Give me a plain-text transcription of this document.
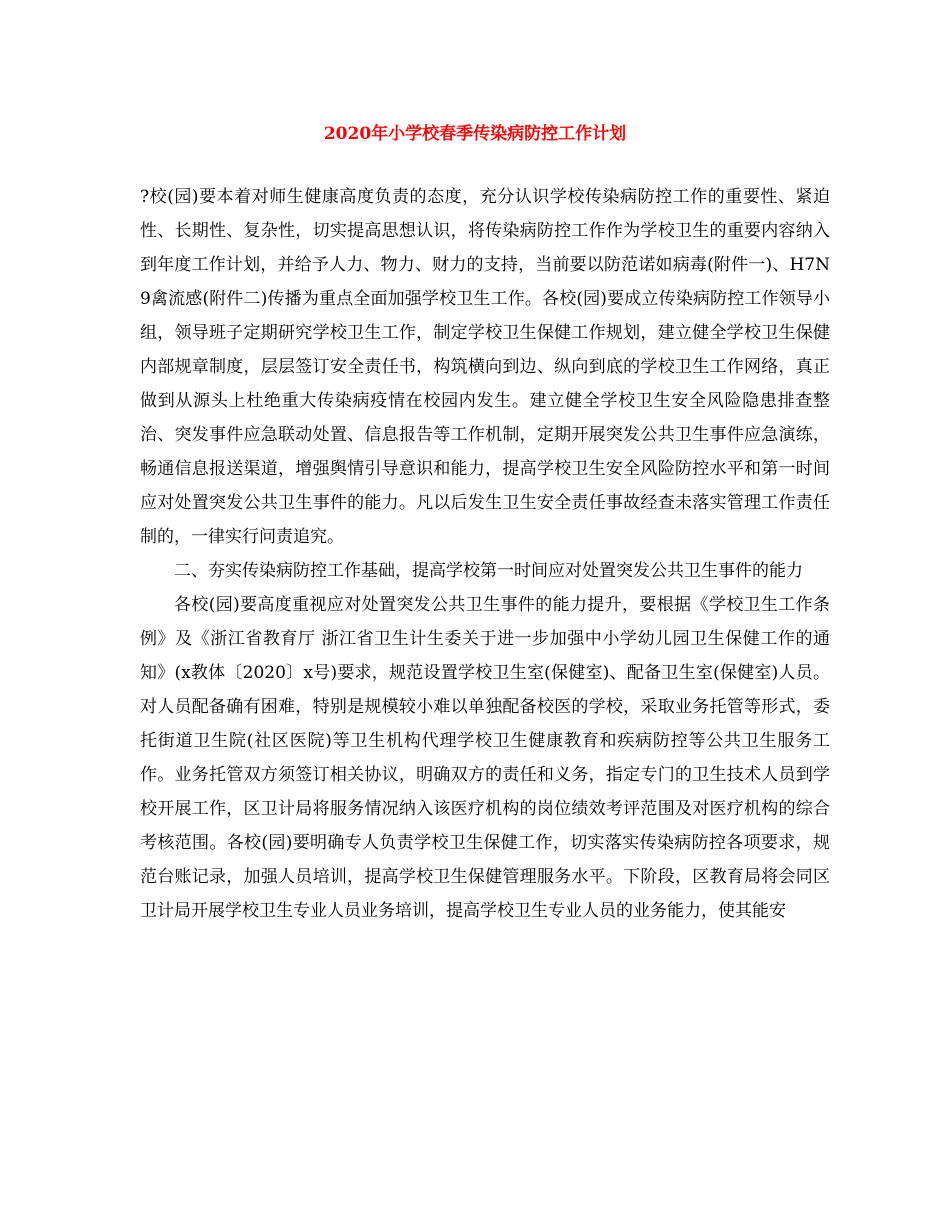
2020年小学校春季传染病防控工作计划

?校(园)要本着对师生健康高度负责的态度，充分认识学校传染病防控工作的重要性、紧迫性、长期性、复杂性，切实提高思想认识，将传染病防控工作作为学校卫生的重要内容纳入到年度工作计划，并给予人力、物力、财力的支持，当前要以防范诺如病毒(附件一)、H7N9禽流感(附件二)传播为重点全面加强学校卫生工作。各校(园)要成立传染病防控工作领导小组，领导班子定期研究学校卫生工作，制定学校卫生保健工作规划，建立健全学校卫生保健内部规章制度，层层签订安全责任书，构筑横向到边、纵向到底的学校卫生工作网络，真正做到从源头上杜绝重大传染病疫情在校园内发生。建立健全学校卫生安全风险隐患排查整治、突发事件应急联动处置、信息报告等工作机制，定期开展突发公共卫生事件应急演练，畅通信息报送渠道，增强舆情引导意识和能力，提高学校卫生安全风险防控水平和第一时间应对处置突发公共卫生事件的能力。凡以后发生卫生安全责任事故经查未落实管理工作责任制的，一律实行问责追究。

二、夯实传染病防控工作基础，提高学校第一时间应对处置突发公共卫生事件的能力

各校(园)要高度重视应对处置突发公共卫生事件的能力提升，要根据《学校卫生工作条例》及《浙江省教育厅 浙江省卫生计生委关于进一步加强中小学幼儿园卫生保健工作的通知》(x教体〔2020〕x号)要求，规范设置学校卫生室(保健室)、配备卫生室(保健室)人员。对人员配备确有困难，特别是规模较小难以单独配备校医的学校，采取业务托管等形式，委托街道卫生院(社区医院)等卫生机构代理学校卫生健康教育和疾病防控等公共卫生服务工作。业务托管双方须签订相关协议，明确双方的责任和义务，指定专门的卫生技术人员到学校开展工作，区卫计局将服务情况纳入该医疗机构的岗位绩效考评范围及对医疗机构的综合考核范围。各校(园)要明确专人负责学校卫生保健工作，切实落实传染病防控各项要求，规范台账记录，加强人员培训，提高学校卫生保健管理服务水平。下阶段，区教育局将会同区卫计局开展学校卫生专业人员业务培训，提高学校卫生专业人员的业务能力，使其能安
